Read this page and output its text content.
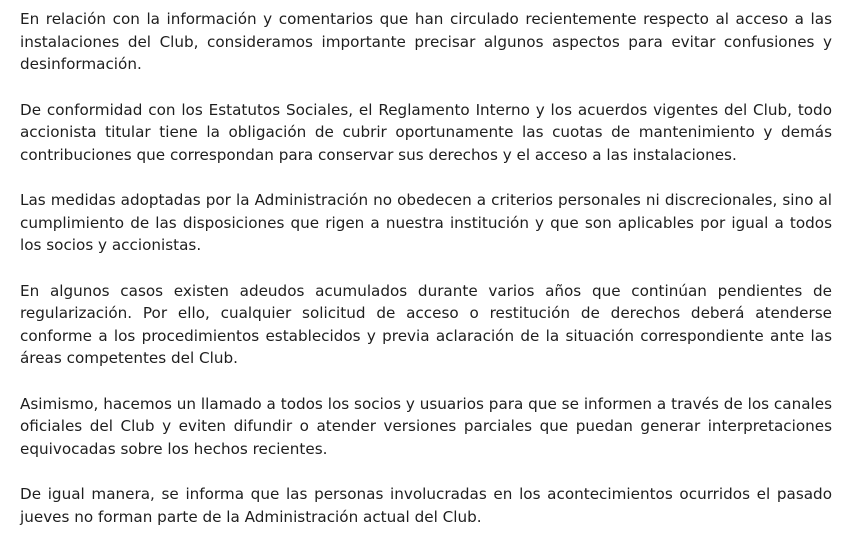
En relación con la información y comentarios que han circulado recientemente respecto al acceso a las instalaciones del Club, consideramos importante precisar algunos aspectos para evitar confusiones y desinformación.

De conformidad con los Estatutos Sociales, el Reglamento Interno y los acuerdos vigentes del Club, todo accionista titular tiene la obligación de cubrir oportunamente las cuotas de mantenimiento y demás contribuciones que correspondan para conservar sus derechos y el acceso a las instalaciones.

Las medidas adoptadas por la Administración no obedecen a criterios personales ni discrecionales, sino al cumplimiento de las disposiciones que rigen a nuestra institución y que son aplicables por igual a todos los socios y accionistas.

En algunos casos existen adeudos acumulados durante varios años que continúan pendientes de regularización. Por ello, cualquier solicitud de acceso o restitución de derechos deberá atenderse conforme a los procedimientos establecidos y previa aclaración de la situación correspondiente ante las áreas competentes del Club.

Asimismo, hacemos un llamado a todos los socios y usuarios para que se informen a través de los canales oficiales del Club y eviten difundir o atender versiones parciales que puedan generar interpretaciones equivocadas sobre los hechos recientes.

De igual manera, se informa que las personas involucradas en los acontecimientos ocurridos el pasado jueves no forman parte de la Administración actual del Club.
